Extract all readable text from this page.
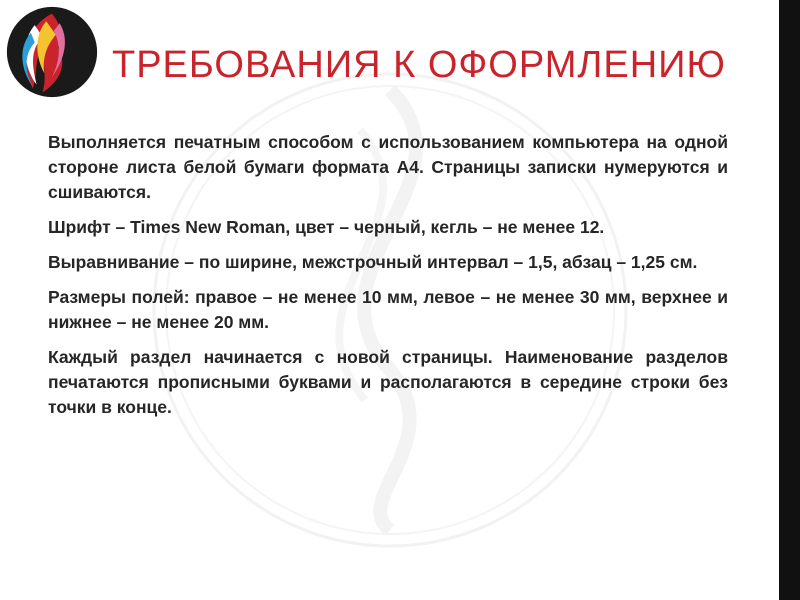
ТРЕБОВАНИЯ К ОФОРМЛЕНИЮ

Выполняется печатным способом с использованием компьютера на одной стороне листа белой бумаги формата А4. Страницы записки нумеруются и сшиваются.

Шрифт – Times New Roman, цвет – черный, кегль – не менее 12.

Выравнивание – по ширине, межстрочный интервал – 1,5, абзац – 1,25 см.

Размеры полей: правое – не менее 10 мм, левое – не менее 30 мм, верхнее и нижнее – не менее 20 мм.

Каждый раздел начинается с новой страницы. Наименование разделов печатаются прописными буквами и располагаются в середине строки без точки в конце.
